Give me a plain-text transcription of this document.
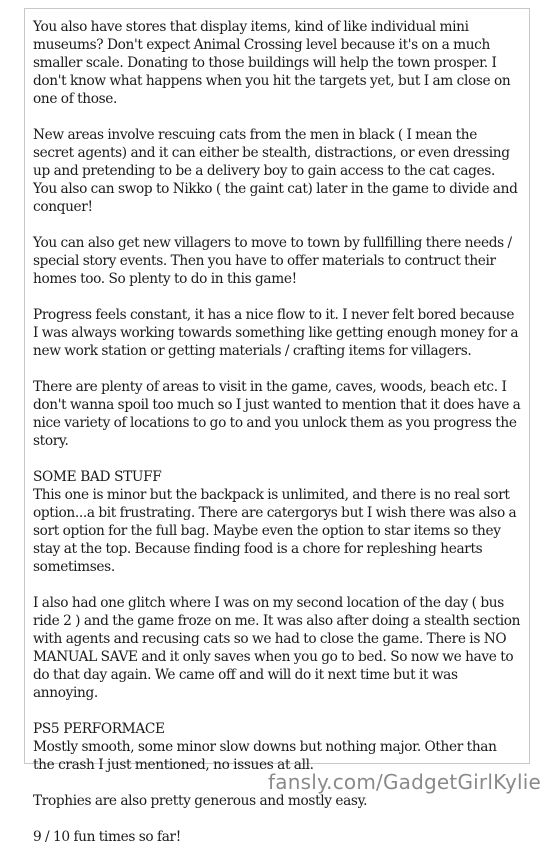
You also have stores that display items, kind of like individual mini museums? Don't expect Animal Crossing level because it's on a much smaller scale. Donating to those buildings will help the town prosper. I don't know what happens when you hit the targets yet, but I am close on one of those.

New areas involve rescuing cats from the men in black ( I mean the secret agents) and it can either be stealth, distractions, or even dressing up and pretending to be a delivery boy to gain access to the cat cages. You also can swop to Nikko ( the gaint cat) later in the game to divide and conquer!

You can also get new villagers to move to town by fullfilling there needs / special story events. Then you have to offer materials to contruct their homes too. So plenty to do in this game!

Progress feels constant, it has a nice flow to it. I never felt bored because I was always working towards something like getting enough money for a new work station or getting materials / crafting items for villagers.

There are plenty of areas to visit in the game, caves, woods, beach etc. I don't wanna spoil too much so I just wanted to mention that it does have a nice variety of locations to go to and you unlock them as you progress the story.

SOME BAD STUFF

This one is minor but the backpack is unlimited, and there is no real sort option...a bit frustrating. There are catergorys but I wish there was also a sort option for the full bag. Maybe even the option to star items so they stay at the top. Because finding food is a chore for repleshing hearts sometimses.

I also had one glitch where I was on my second location of the day ( bus ride 2 ) and the game froze on me. It was also after doing a stealth section with agents and recusing cats so we had to close the game. There is NO MANUAL SAVE and it only saves when you go to bed. So now we have to do that day again. We came off and will do it next time but it was annoying.

PS5 PERFORMACE

Mostly smooth, some minor slow downs but nothing major. Other than the crash I just mentioned, no issues at all.

Trophies are also pretty generous and mostly easy.

9 / 10 fun times so far!

fansly.com/GadgetGirlKylie
